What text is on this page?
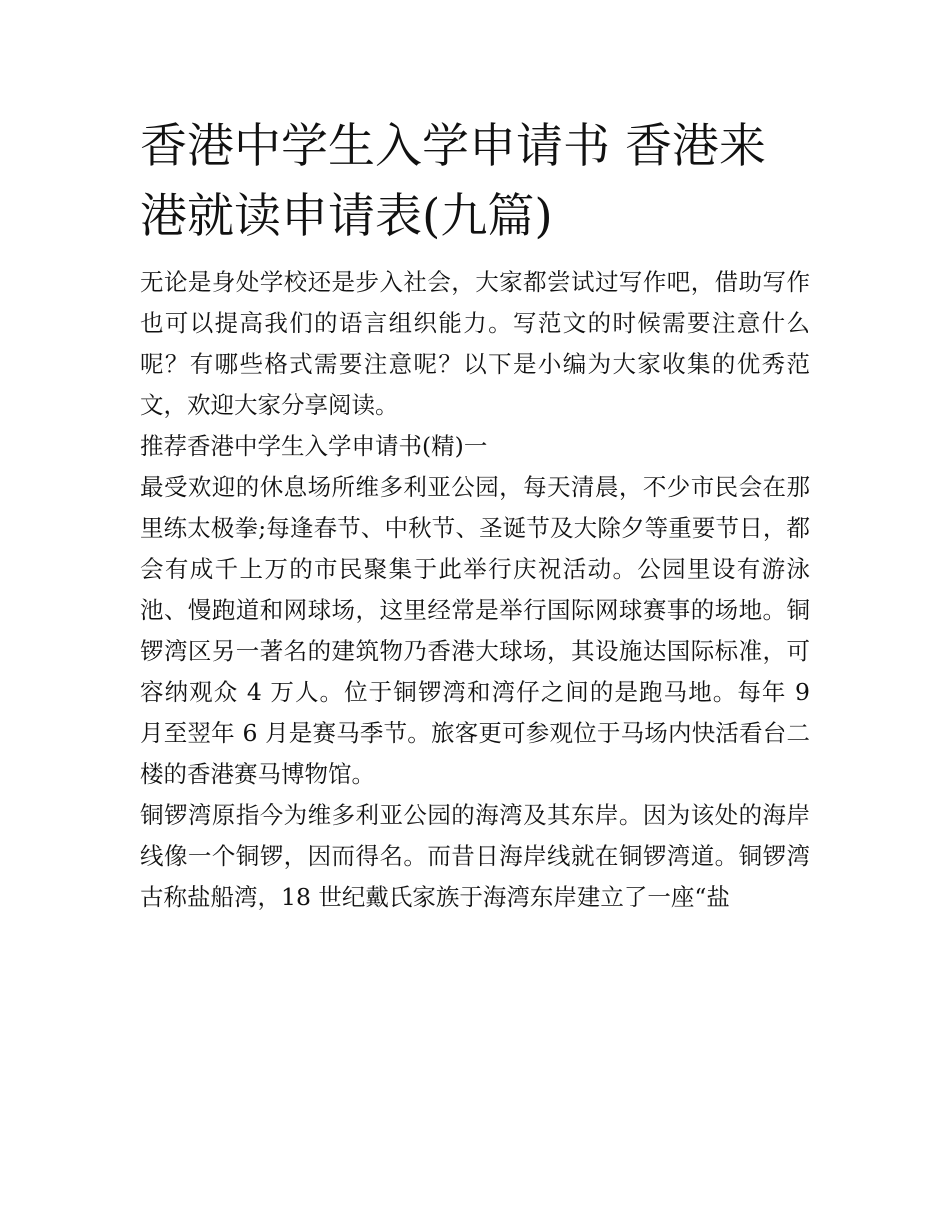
香港中学生入学申请书 香港来港就读申请表(九篇)

无论是身处学校还是步入社会，大家都尝试过写作吧，借助写作也可以提高我们的语言组织能力。写范文的时候需要注意什么呢？有哪些格式需要注意呢？以下是小编为大家收集的优秀范文，欢迎大家分享阅读。

推荐香港中学生入学申请书(精)一

最受欢迎的休息场所维多利亚公园，每天清晨，不少市民会在那里练太极拳;每逢春节、中秋节、圣诞节及大除夕等重要节日，都会有成千上万的市民聚集于此举行庆祝活动。公园里设有游泳池、慢跑道和网球场，这里经常是举行国际网球赛事的场地。铜锣湾区另一著名的建筑物乃香港大球场，其设施达国际标准，可容纳观众 4 万人。位于铜锣湾和湾仔之间的是跑马地。每年 9 月至翌年 6 月是赛马季节。旅客更可参观位于马场内快活看台二楼的香港赛马博物馆。

铜锣湾原指今为维多利亚公园的海湾及其东岸。因为该处的海岸线像一个铜锣，因而得名。而昔日海岸线就在铜锣湾道。铜锣湾古称盐船湾，18 世纪戴氏家族于海湾东岸建立了一座“盐
